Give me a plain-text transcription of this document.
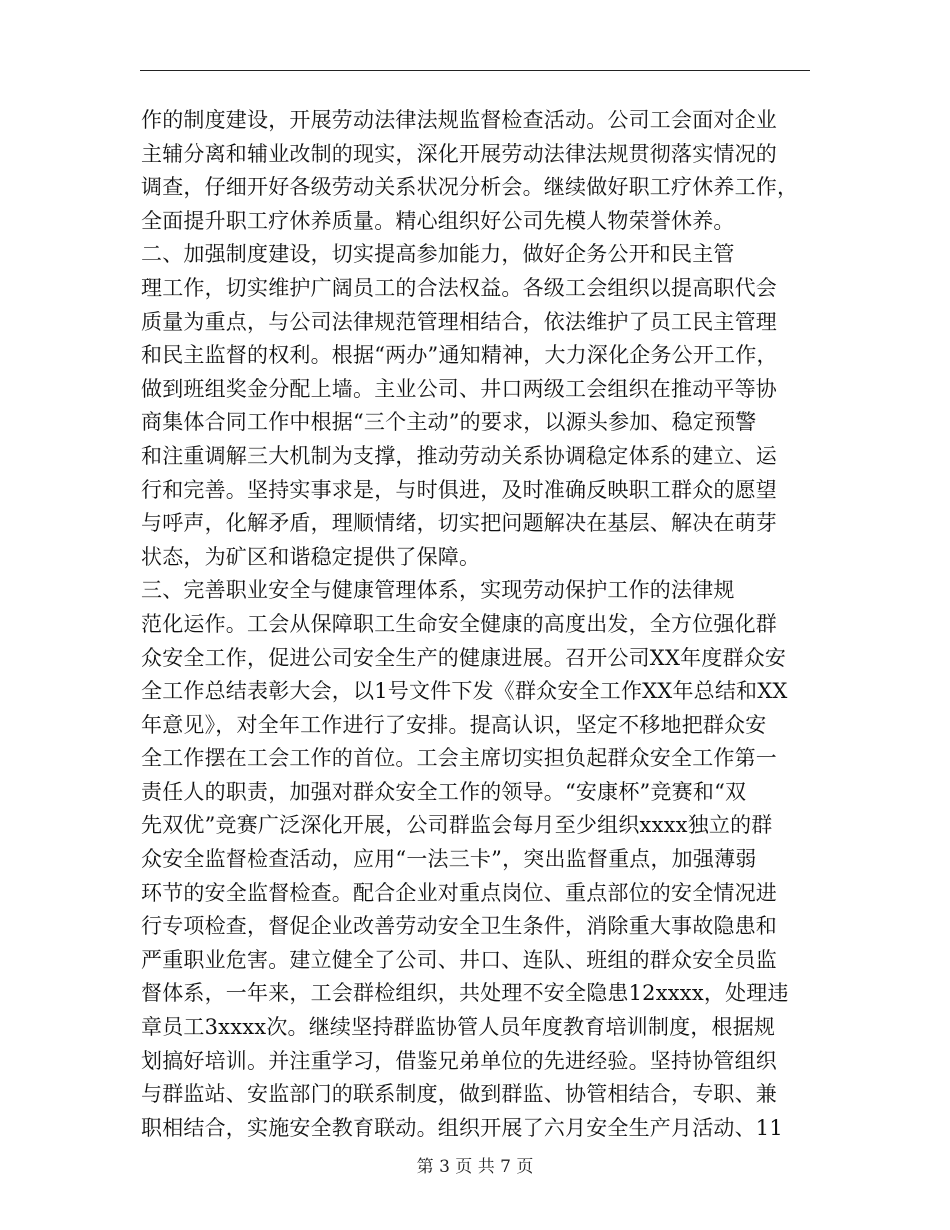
作的制度建设，开展劳动法律法规监督检查活动。公司工会面对企业
主辅分离和辅业改制的现实，深化开展劳动法律法规贯彻落实情况的
调查，仔细开好各级劳动关系状况分析会。继续做好职工疗休养工作，
全面提升职工疗休养质量。精心组织好公司先模人物荣誉休养。
二、加强制度建设，切实提高参加能力，做好企务公开和民主管
理工作，切实维护广阔员工的合法权益。各级工会组织以提高职代会
质量为重点，与公司法律规范管理相结合，依法维护了员工民主管理
和民主监督的权利。根据“两办”通知精神，大力深化企务公开工作，
做到班组奖金分配上墙。主业公司、井口两级工会组织在推动平等协
商集体合同工作中根据“三个主动”的要求，以源头参加、稳定预警
和注重调解三大机制为支撑，推动劳动关系协调稳定体系的建立、运
行和完善。坚持实事求是，与时俱进，及时准确反映职工群众的愿望
与呼声，化解矛盾，理顺情绪，切实把问题解决在基层、解决在萌芽
状态，为矿区和谐稳定提供了保障。
三、完善职业安全与健康管理体系，实现劳动保护工作的法律规
范化运作。工会从保障职工生命安全健康的高度出发，全方位强化群
众安全工作，促进公司安全生产的健康进展。召开公司XX年度群众安
全工作总结表彰大会，以1号文件下发《群众安全工作XX年总结和XX
年意见》，对全年工作进行了安排。提高认识，坚定不移地把群众安
全工作摆在工会工作的首位。工会主席切实担负起群众安全工作第一
责任人的职责，加强对群众安全工作的领导。“安康杯”竞赛和“双
先双优”竞赛广泛深化开展，公司群监会每月至少组织xxxx独立的群
众安全监督检查活动，应用“一法三卡”，突出监督重点，加强薄弱
环节的安全监督检查。配合企业对重点岗位、重点部位的安全情况进
行专项检查，督促企业改善劳动安全卫生条件，消除重大事故隐患和
严重职业危害。建立健全了公司、井口、连队、班组的群众安全员监
督体系，一年来，工会群检组织，共处理不安全隐患12xxxx，处理违
章员工3xxxx次。继续坚持群监协管人员年度教育培训制度，根据规
划搞好培训。并注重学习，借鉴兄弟单位的先进经验。坚持协管组织
与群监站、安监部门的联系制度，做到群监、协管相结合，专职、兼
职相结合，实施安全教育联动。组织开展了六月安全生产月活动、11
第 3 页 共 7 页
